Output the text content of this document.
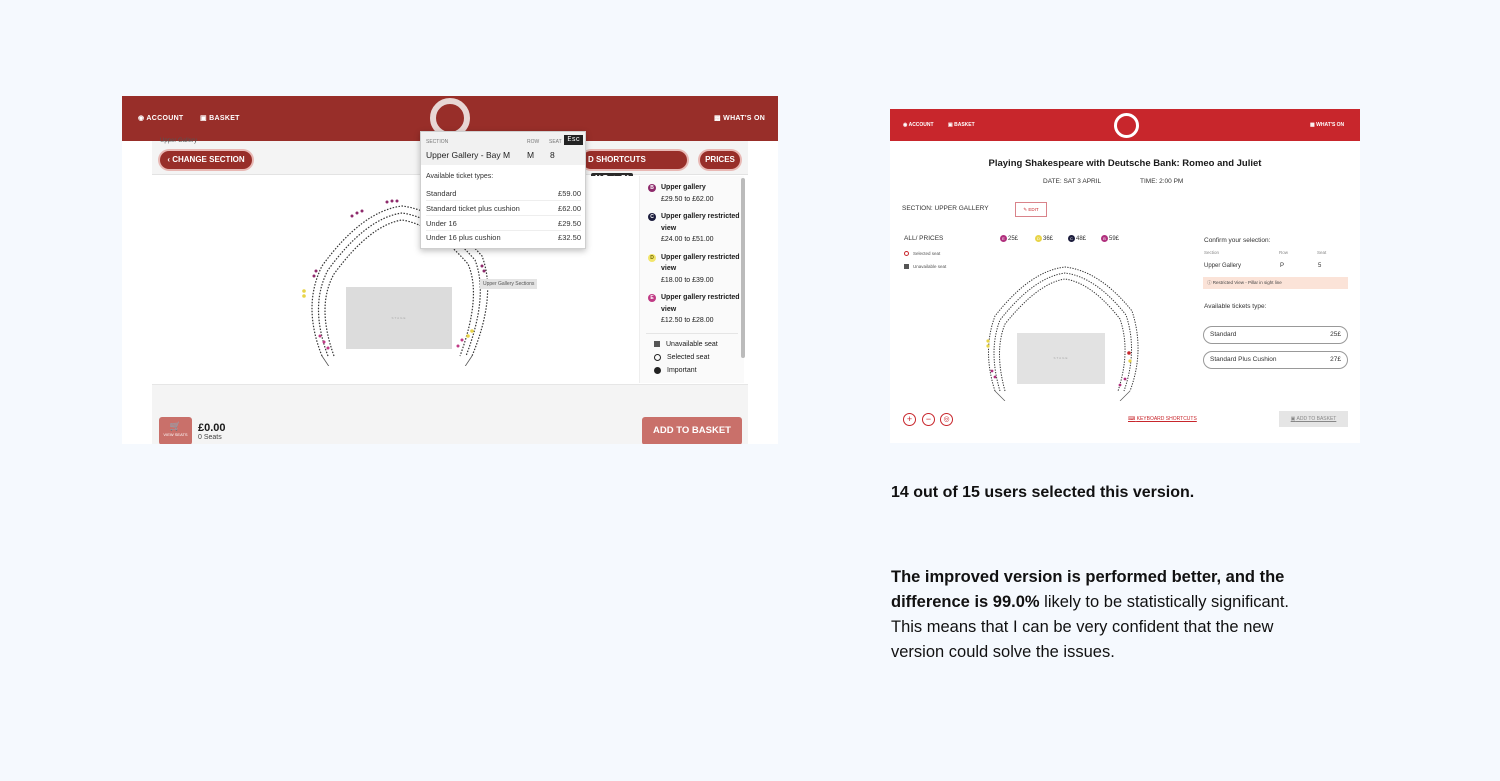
◉ ACCOUNT ▣ BASKET	▩ WHAT'S ON
Upper Gallery
‹ CHANGE SECTION	D SHORTCUTS	PRICES
STAGE
Upper Gallery Sections
B	Upper gallery
£29.50 to £62.00
C	Upper gallery restricted view
£24.00 to £51.00
D	Upper gallery restricted view
£18.00 to £39.00
E	Upper gallery restricted view
£12.50 to £28.00
Unavailable seat
Selected seat
Important
🛒
VIEW SEATS
£0.00
0 Seats
ADD TO BASKET
SECTION	ROW SEAT Esc
Upper Gallery - Bay M M 8
Available ticket types:
Standard	£59.00
Standard ticket plus cushion	£62.00
Under 16	£29.50
Under 16 plus cushion	£32.50
◉ ACCOUNT	▣ BASKET	▩ WHAT'S ON
Playing Shakespeare with Deutsche Bank: Romeo and Juliet
DATE: SAT 3 APRIL	TIME: 2:00 PM
SECTION: UPPER GALLERY	✎ EDIT
ALL/ PRICES	E 25£	D 36£	C 48£	B 59£
Selected seat
Unavailable seat
STAGE
Confirm your selection:
Section	Row	Seat
Upper Gallery	P	5
ⓘ Restricted View - Pillar in sight line
Available tickets type:
Standard	25£
Standard Plus Cushion	27£
+	−	◎	⌨ KEYBOARD SHORTCUTS	▣ ADD TO BASKET
14 out of 15 users selected this version.
The improved version is performed better, and the difference is 99.0% likely to be statistically significant. This means that I can be very confident that the new version could solve the issues.
